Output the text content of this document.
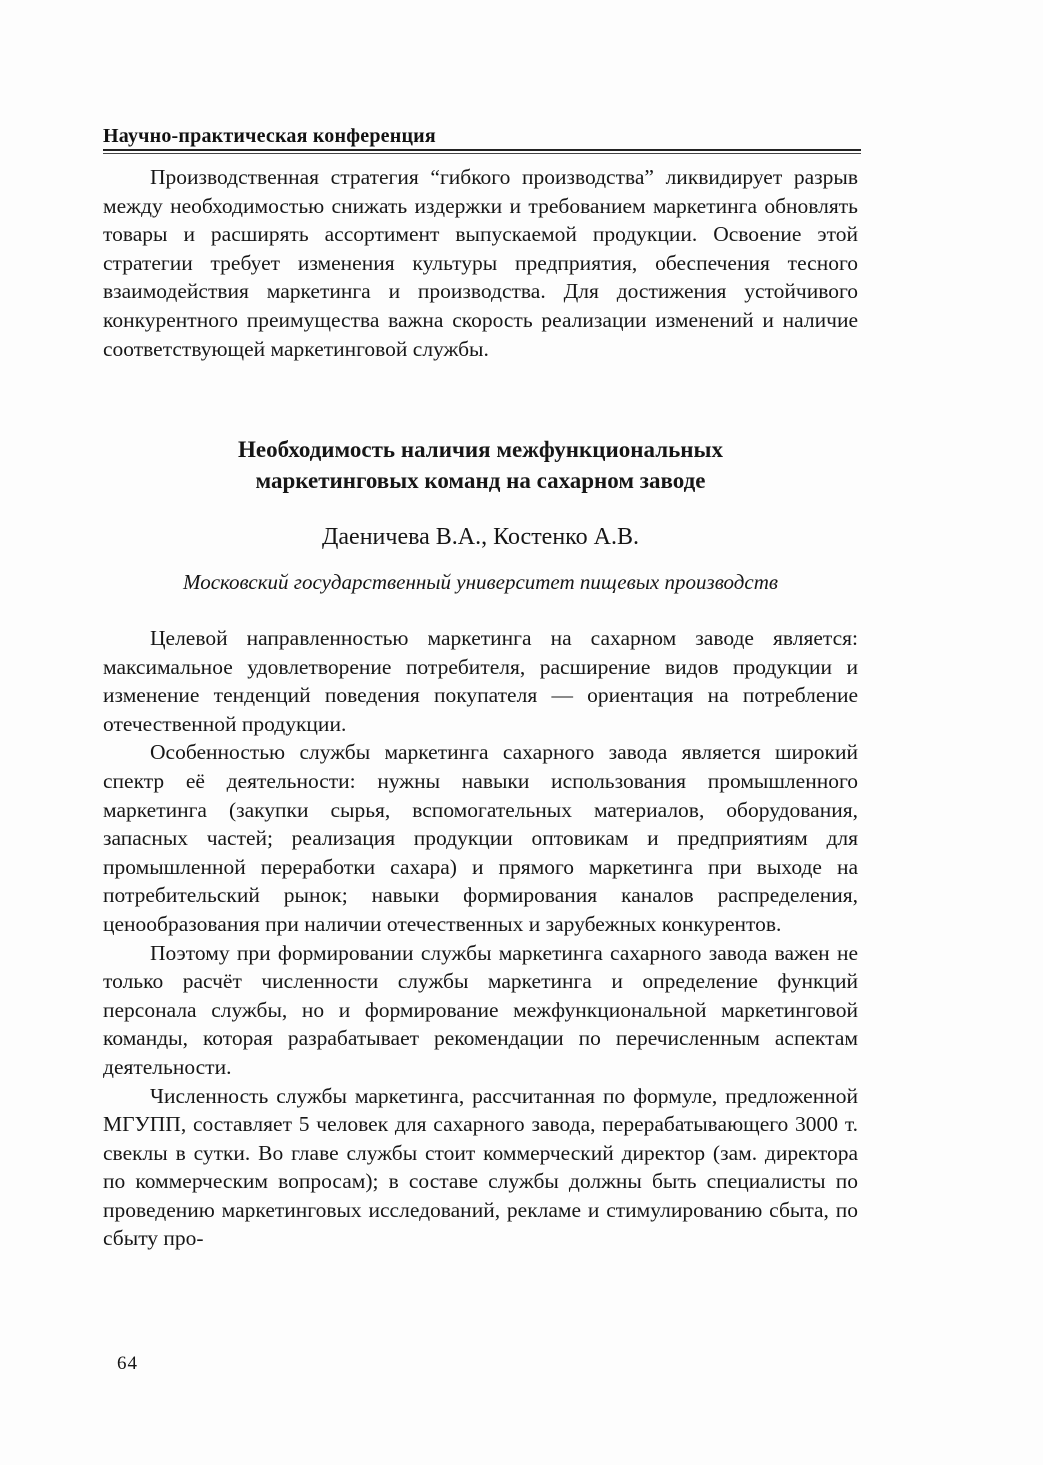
Научно-практическая конференция

Производственная стратегия “гибкого производства” ликвидирует разрыв между необходимостью снижать издержки и требованием маркетинга обновлять товары и расширять ассортимент выпускаемой продукции. Освоение этой стратегии требует изменения культуры предприятия, обеспечения тесного взаимодействия маркетинга и производства. Для достижения устойчивого конкурентного преимущества важна скорость реализации изменений и наличие соответствующей маркетинговой службы.

Необходимость наличия межфункциональных
маркетинговых команд на сахарном заводе
Даеничева В.А., Костенко А.В.
Московский государственный университет пищевых производств

Целевой направленностью маркетинга на сахарном заводе является: максимальное удовлетворение потребителя, расширение видов продукции и изменение тенденций поведения покупателя — ориентация на потребление отечественной продукции.

Особенностью службы маркетинга сахарного завода является широкий спектр её деятельности: нужны навыки использования промышленного маркетинга (закупки сырья, вспомогательных материалов, оборудования, запасных частей; реализация продукции оптовикам и предприятиям для промышленной переработки сахара) и прямого маркетинга при выходе на потребительский рынок; навыки формирования каналов распределения, ценообразования при наличии отечественных и зарубежных конкурентов.

Поэтому при формировании службы маркетинга сахарного завода важен не только расчёт численности службы маркетинга и определение функций персонала службы, но и формирование межфункциональной маркетинговой команды, которая разрабатывает рекомендации по перечисленным аспектам деятельности.

Численность службы маркетинга, рассчитанная по формуле, предложенной МГУПП, составляет 5 человек для сахарного завода, перерабатывающего 3000 т. свеклы в сутки. Во главе службы стоит коммерческий директор (зам. директора по коммерческим вопросам); в составе службы должны быть специалисты по проведению маркетинговых исследований, рекламе и стимулированию сбыта, по сбыту про-

64
